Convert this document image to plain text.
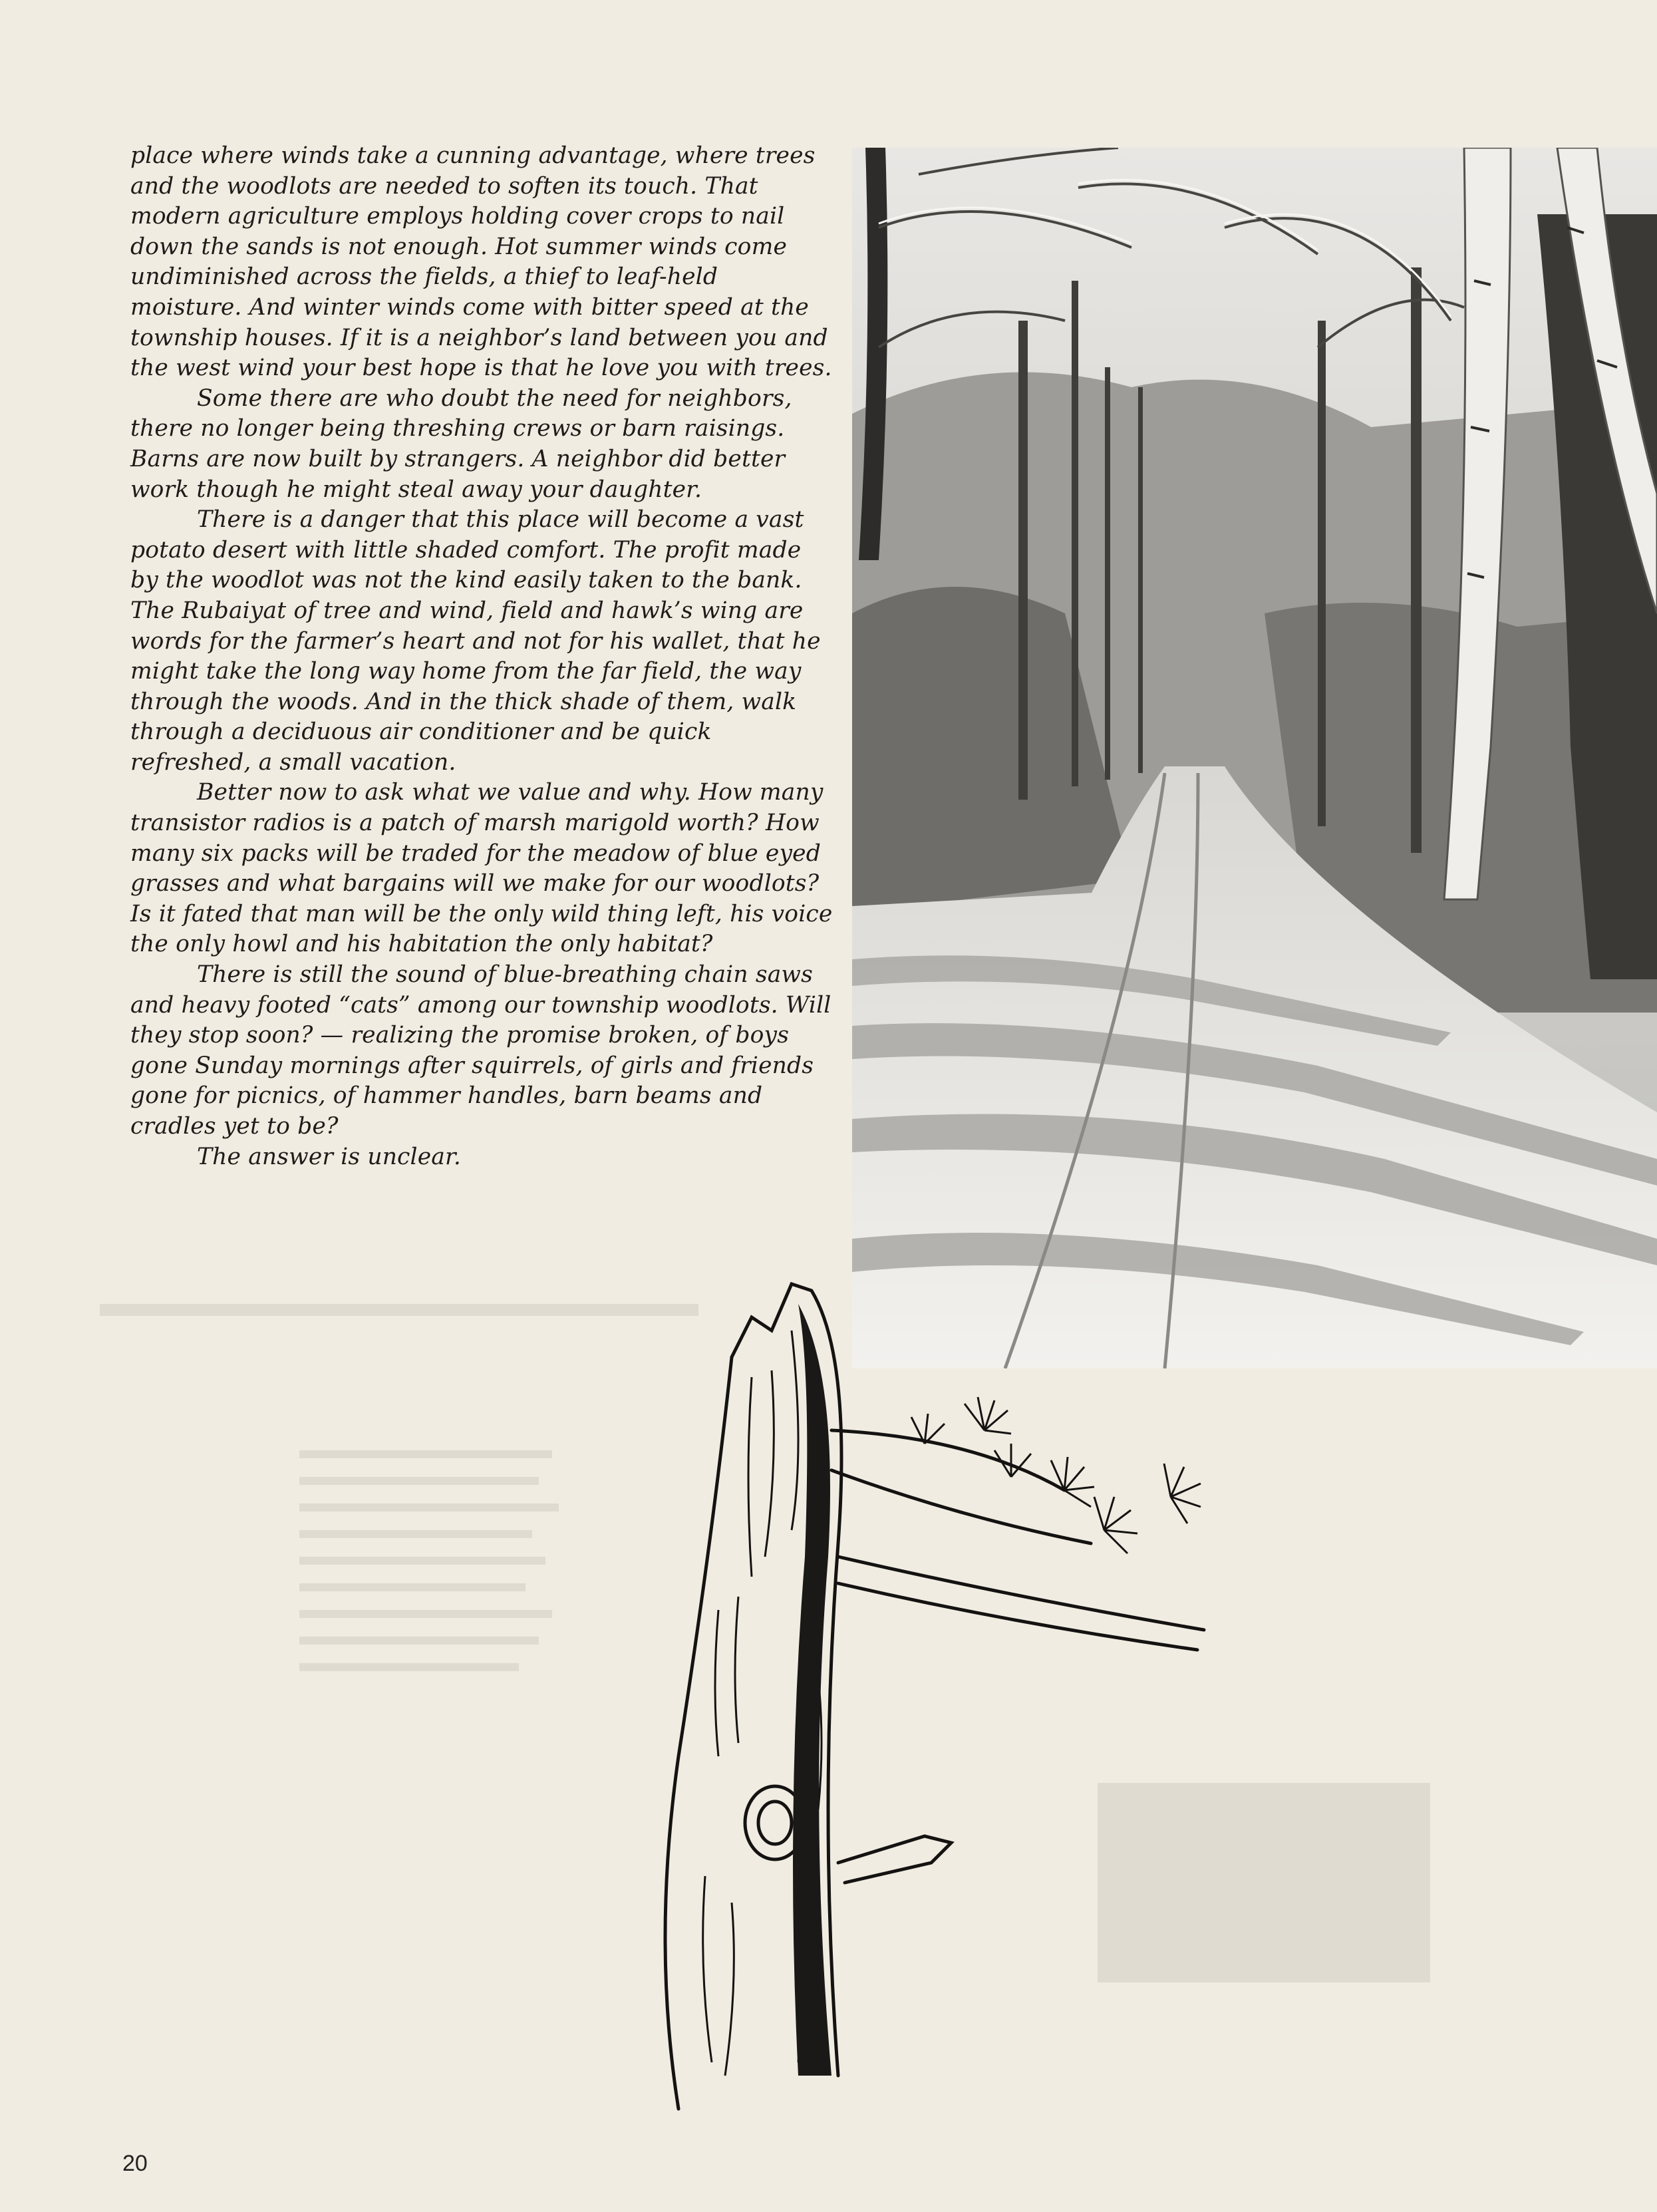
place where winds take a cunning advantage, where trees and the woodlots are needed to soften its touch. That modern agriculture employs holding cover crops to nail down the sands is not enough. Hot summer winds come undiminished across the fields, a thief to leaf-held moisture. And winter winds come with bitter speed at the township houses. If it is a neighbor’s land between you and the west wind your best hope is that he love you with trees.

Some there are who doubt the need for neighbors, there no longer being threshing crews or barn raisings. Barns are now built by strangers. A neighbor did better work though he might steal away your daughter.

There is a danger that this place will become a vast potato desert with little shaded comfort. The profit made by the woodlot was not the kind easily taken to the bank. The Rubaiyat of tree and wind, field and hawk’s wing are words for the farmer’s heart and not for his wallet, that he might take the long way home from the far field, the way through the woods. And in the thick shade of them, walk through a deciduous air conditioner and be quick refreshed, a small vacation.

Better now to ask what we value and why. How many transistor radios is a patch of marsh marigold worth? How many six packs will be traded for the meadow of blue eyed grasses and what bargains will we make for our woodlots? Is it fated that man will be the only wild thing left, his voice the only howl and his habitation the only habitat?

There is still the sound of blue-breathing chain saws and heavy footed “cats” among our township woodlots. Will they stop soon? — realizing the promise broken, of boys gone Sunday mornings after squirrels, of girls and friends gone for picnics, of hammer handles, barn beams and cradles yet to be?

The answer is unclear.

20
